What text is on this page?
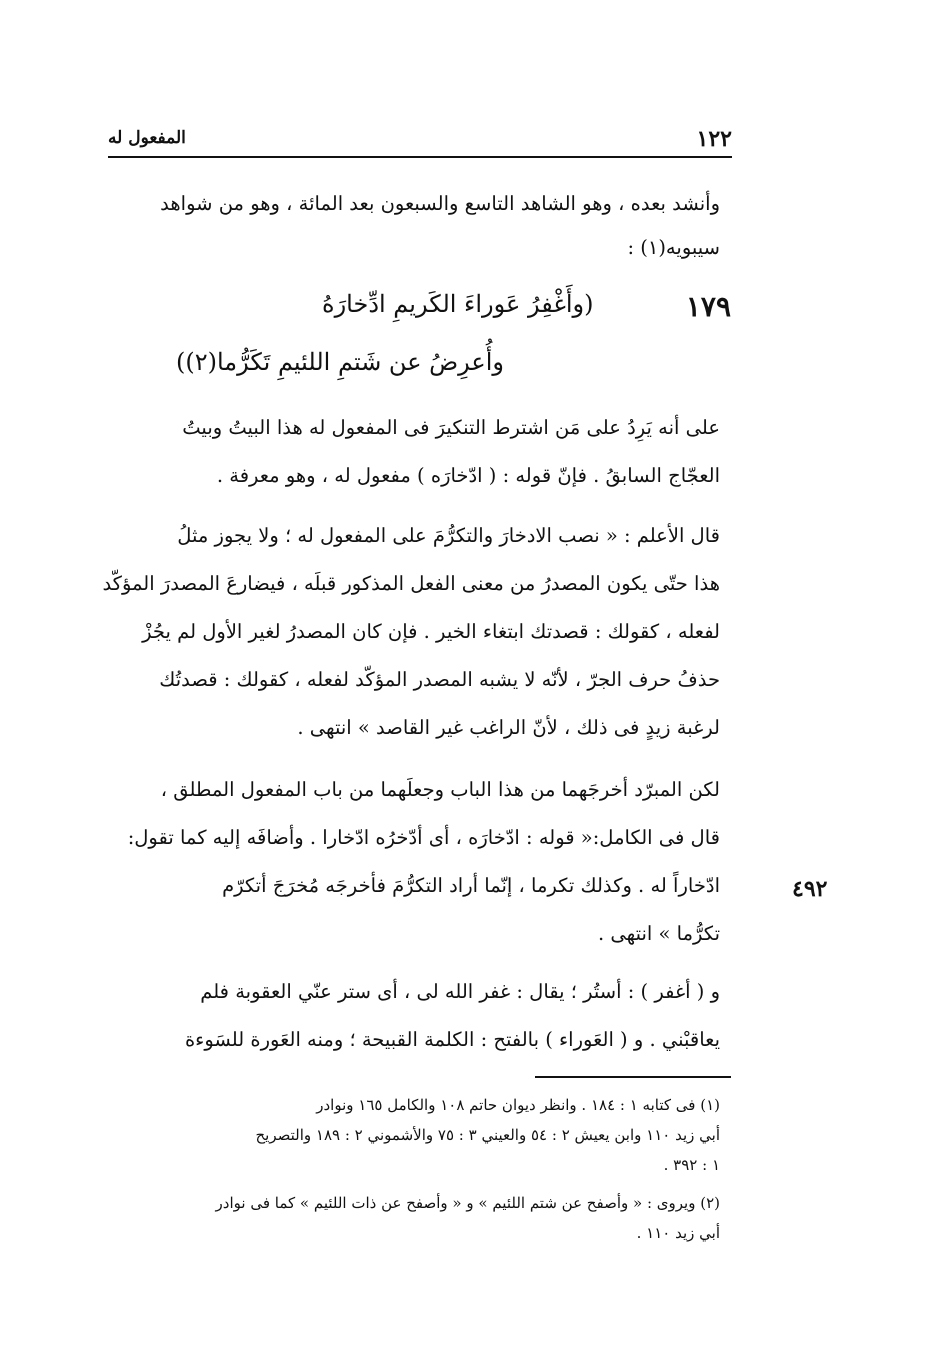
١٢٢
المفعول له
وأنشد بعده ، وهو الشاهد التاسع والسبعون بعد المائة ، وهو من شواهد
سيبويه(١) :
١٧٩
(وأَغْفِرُ عَوراءَ الكَريمِ ادِّخارَهُ
وأُعرِضُ عن شَتمِ اللئيمِ تَكَرُّما(٢))
على أنه يَرِدُ على مَن اشترط التنكيرَ فى المفعول له هذا البيتُ وبيتُ
العجّاج السابقُ . فإنّ قوله : ( ادّخارَه ) مفعول له ، وهو معرفة .
قال الأعلم : « نصب الادخارَ والتكرُّمَ على المفعول له ؛ ولا يجوز مثلُ
هذا حتّى يكون المصدرُ من معنى الفعل المذكور قبلَه ، فيضارعَ المصدرَ المؤكّد
لفعله ، كقولك : قصدتك ابتغاء الخير . فإن كان المصدرُ لغير الأول لم يجُزْ
حذفُ حرف الجرّ ، لأنّه لا يشبه المصدر المؤكّد لفعله ، كقولك : قصدتُك
لرغبة زيدٍ فى ذلك ، لأنّ الراغب غير القاصد » انتهى .
لكن المبرّد أخرجَهما من هذا الباب وجعلَهما من باب المفعول المطلق ،
قال فى الكامل:« قوله : ادّخارَه ، أى أدّخرُه ادّخارا . وأضافَه إليه كما تقول:
ادّخاراً له . وكذلك تكرما ، إنّما أراد التكرُّمَ فأخرجَه مُخرَجَ أتكرّم
تكرُّما » انتهى .
٤٩٢
و ( أغفر ) : أستُر ؛ يقال : غفر الله لى ، أى ستر عنّي العقوبة فلم
يعاقبْني . و ( العَوراء ) بالفتح : الكلمة القبيحة ؛ ومنه العَورة للسَوءة
(١) فى كتابه ١ : ١٨٤ . وانظر ديوان حاتم ١٠٨ والكامل ١٦٥ ونوادر
أبي زيد ١١٠ وابن يعيش ٢ : ٥٤ والعيني ٣ : ٧٥ والأشموني ٢ : ١٨٩ والتصريح
١ : ٣٩٢ .
(٢) ويروى : « وأصفح عن شتم اللئيم » و « وأصفح عن ذات اللئيم » كما فى نوادر
أبي زيد ١١٠ .
